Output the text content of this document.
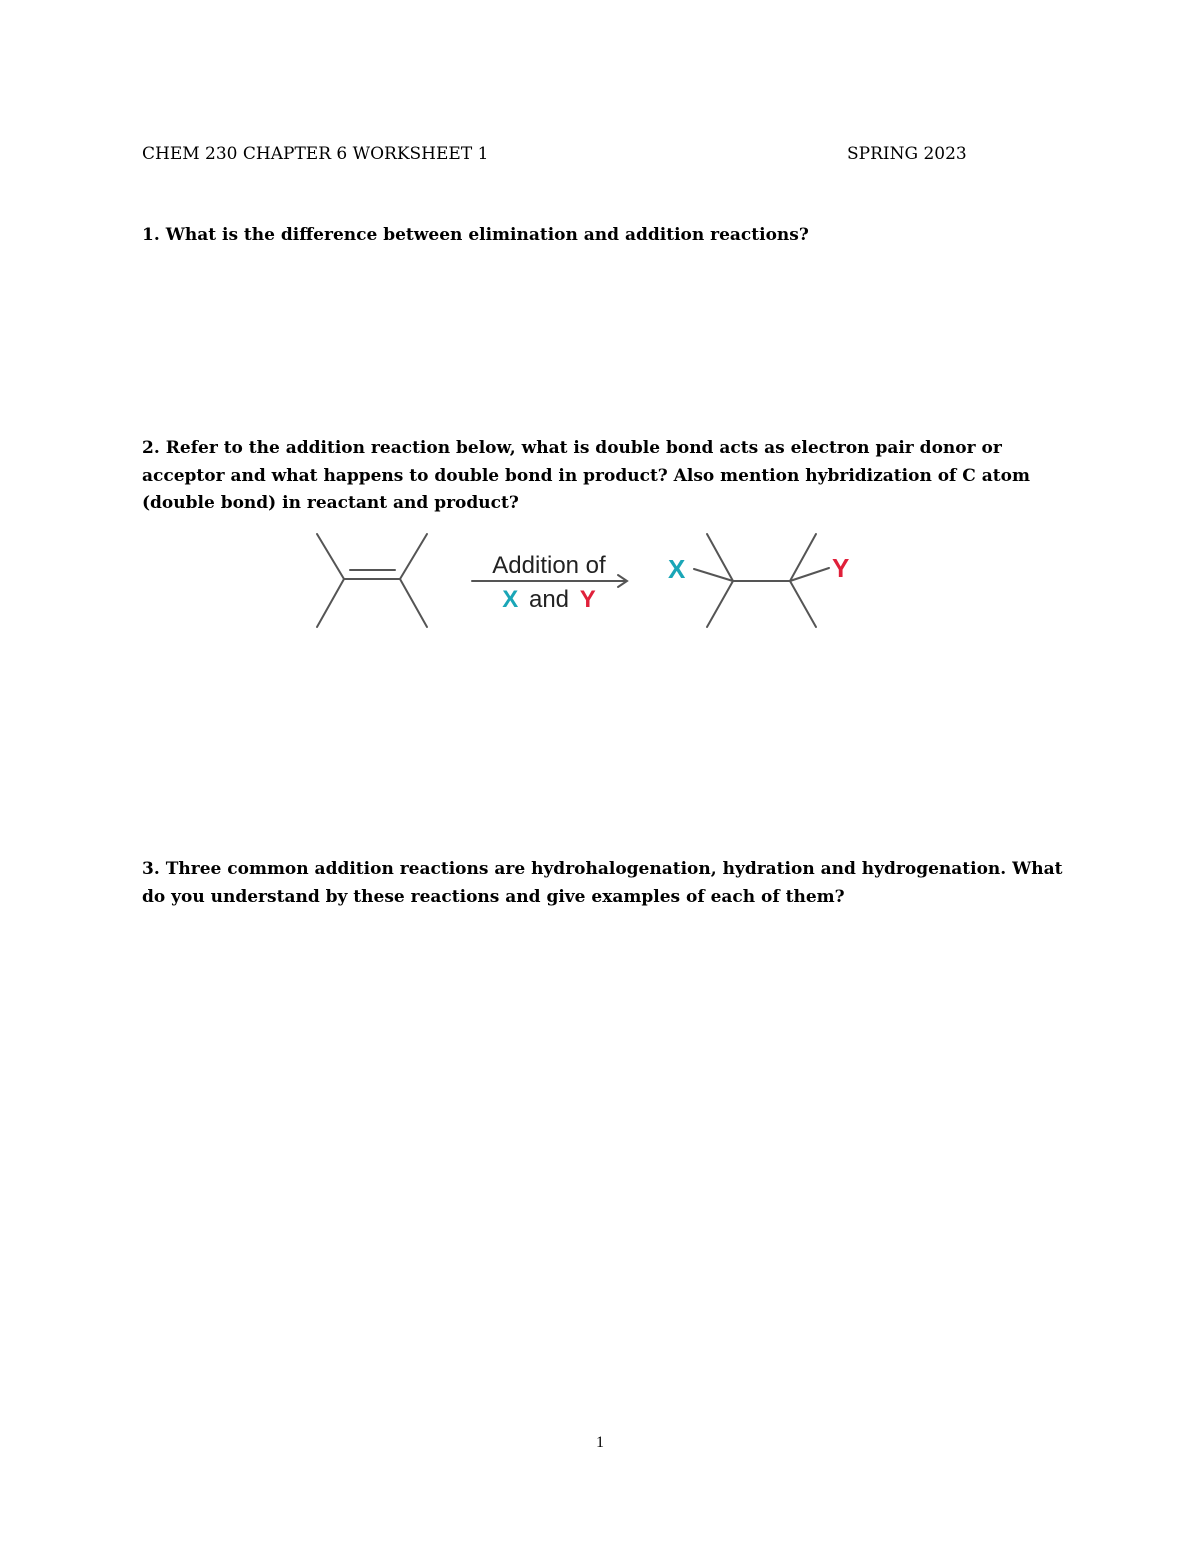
CHEM 230 CHAPTER 6 WORKSHEET 1	SPRING 2023
1. What is the difference between elimination and addition reactions?
2. Refer to the addition reaction below, what is double bond acts as electron pair donor or acceptor and what happens to double bond in product? Also mention hybridization of C atom (double bond) in reactant and product?
Addition of
X and Y
X	Y
3. Three common addition reactions are hydrohalogenation, hydration and hydrogenation. What do you understand by these reactions and give examples of each of them?
1
